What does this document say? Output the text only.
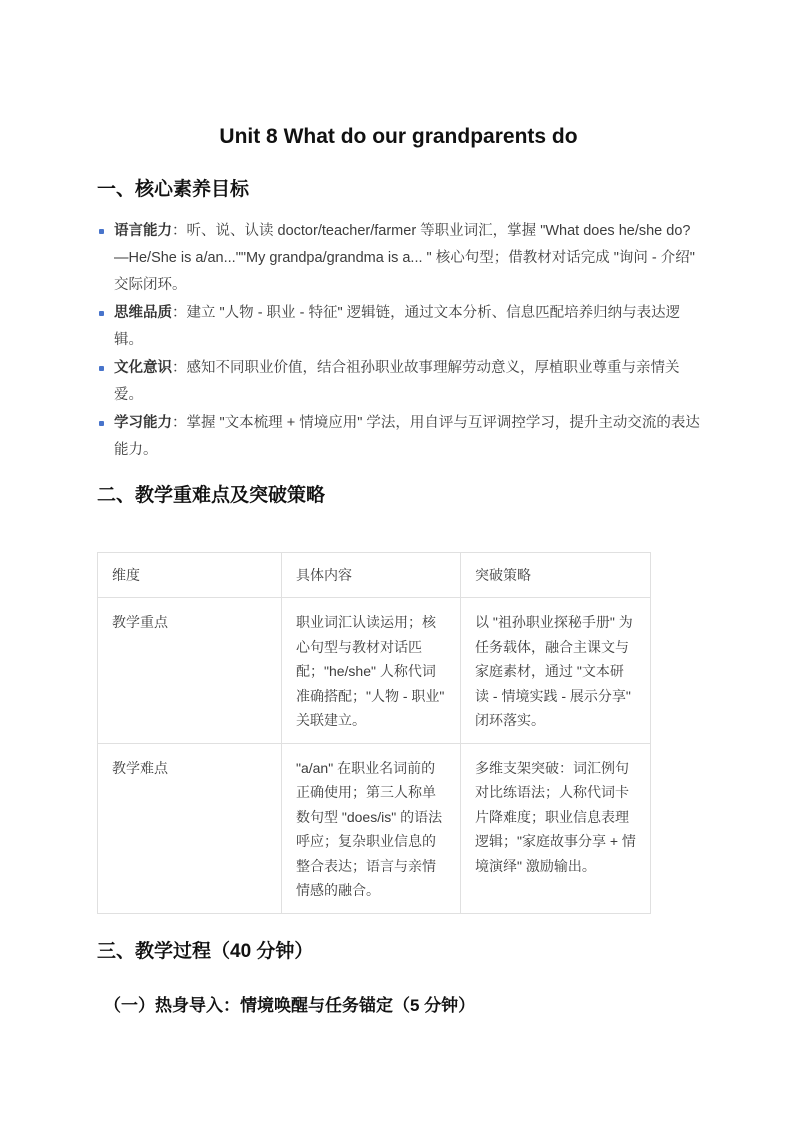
Unit 8 What do our grandparents do
一、核心素养目标
语言能力：听、说、认读 doctor/teacher/farmer 等职业词汇，掌握 "What does he/she do? —He/She is a/an...""My grandpa/grandma is a... " 核心句型；借教材对话完成 "询问 - 介绍" 交际闭环。
思维品质：建立 "人物 - 职业 - 特征" 逻辑链，通过文本分析、信息匹配培养归纳与表达逻辑。
文化意识：感知不同职业价值，结合祖孙职业故事理解劳动意义，厚植职业尊重与亲情关爱。
学习能力：掌握 "文本梳理 + 情境应用" 学法，用自评与互评调控学习，提升主动交流的表达能力。
二、教学重难点及突破策略
维度	具体内容	突破策略
教学重点	职业词汇认读运用；核心句型与教材对话匹配；"he/she" 人称代词准确搭配；"人物 - 职业" 关联建立。	以 "祖孙职业探秘手册" 为任务载体，融合主课文与家庭素材，通过 "文本研读 - 情境实践 - 展示分享" 闭环落实。
教学难点	"a/an" 在职业名词前的正确使用；第三人称单数句型 "does/is" 的语法呼应；复杂职业信息的整合表达；语言与亲情情感的融合。	多维支架突破：词汇例句对比练语法；人称代词卡片降难度；职业信息表理逻辑；"家庭故事分享 + 情境演绎" 激励输出。
三、教学过程（40 分钟）
（一）热身导入：情境唤醒与任务锚定（5 分钟）
